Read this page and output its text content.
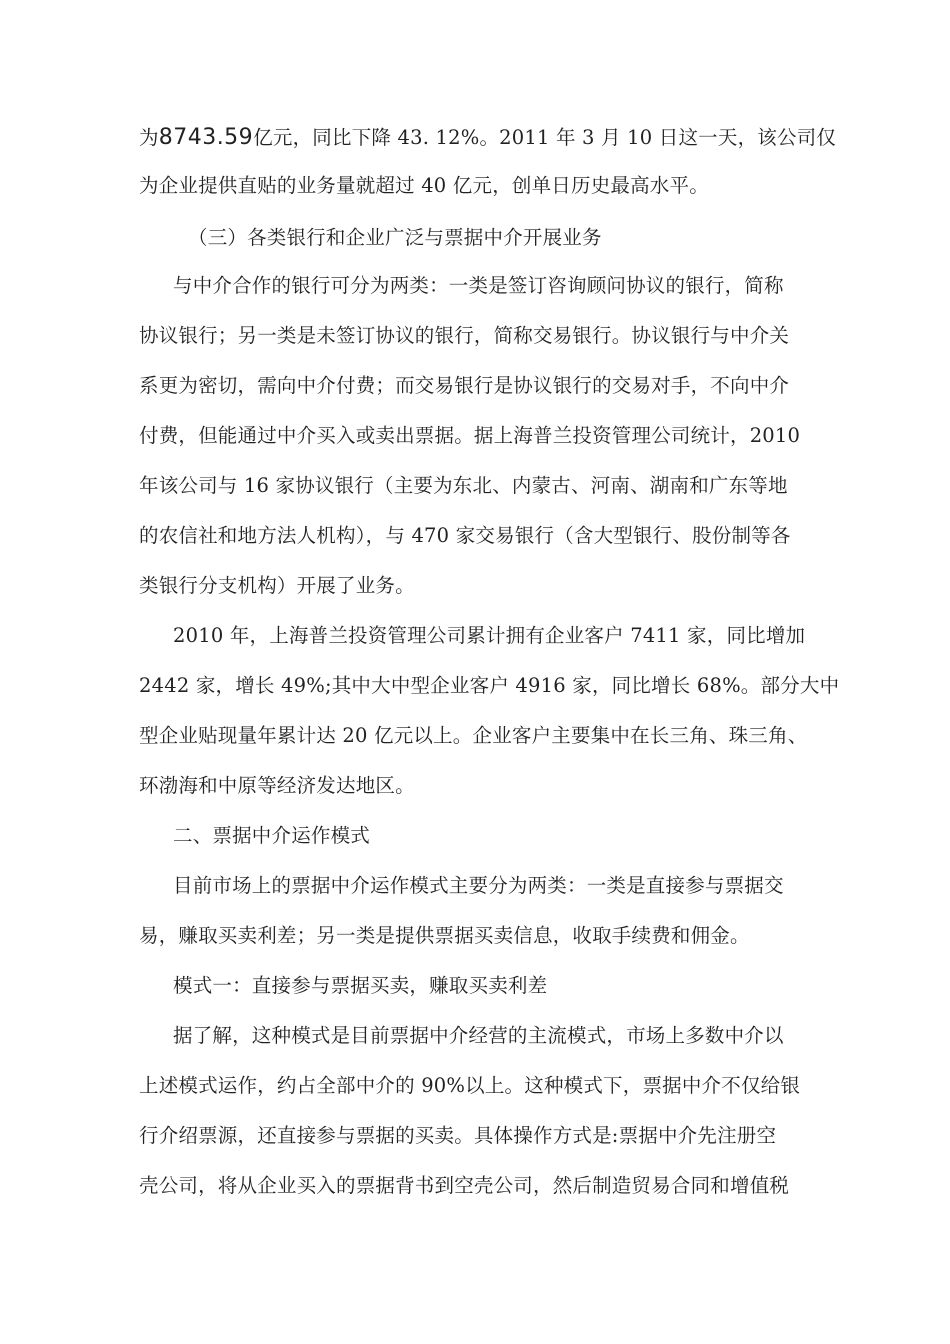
为8743.59亿元，同比下降 43. 12%。2011 年 3 月 10 日这一天，该公司仅
为企业提供直贴的业务量就超过 40 亿元，创单日历史最高水平。
（三）各类银行和企业广泛与票据中介开展业务
与中介合作的银行可分为两类：一类是签订咨询顾问协议的银行，简称
协议银行；另一类是未签订协议的银行，简称交易银行。协议银行与中介关
系更为密切，需向中介付费；而交易银行是协议银行的交易对手，不向中介
付费，但能通过中介买入或卖出票据。据上海普兰投资管理公司统计，2010
年该公司与 16 家协议银行（主要为东北、内蒙古、河南、湖南和广东等地
的农信社和地方法人机构），与 470 家交易银行（含大型银行、股份制等各
类银行分支机构）开展了业务。
2010 年，上海普兰投资管理公司累计拥有企业客户 7411 家，同比增加
2442 家，增长 49%;其中大中型企业客户 4916 家，同比增长 68%。部分大中
型企业贴现量年累计达 20 亿元以上。企业客户主要集中在长三角、珠三角、
环渤海和中原等经济发达地区。
二、票据中介运作模式
目前市场上的票据中介运作模式主要分为两类：一类是直接参与票据交
易，赚取买卖利差；另一类是提供票据买卖信息，收取手续费和佣金。
模式一：直接参与票据买卖，赚取买卖利差
据了解，这种模式是目前票据中介经营的主流模式，市场上多数中介以
上述模式运作，约占全部中介的 90%以上。这种模式下，票据中介不仅给银
行介绍票源，还直接参与票据的买卖。具体操作方式是:票据中介先注册空
壳公司，将从企业买入的票据背书到空壳公司，然后制造贸易合同和增值税
